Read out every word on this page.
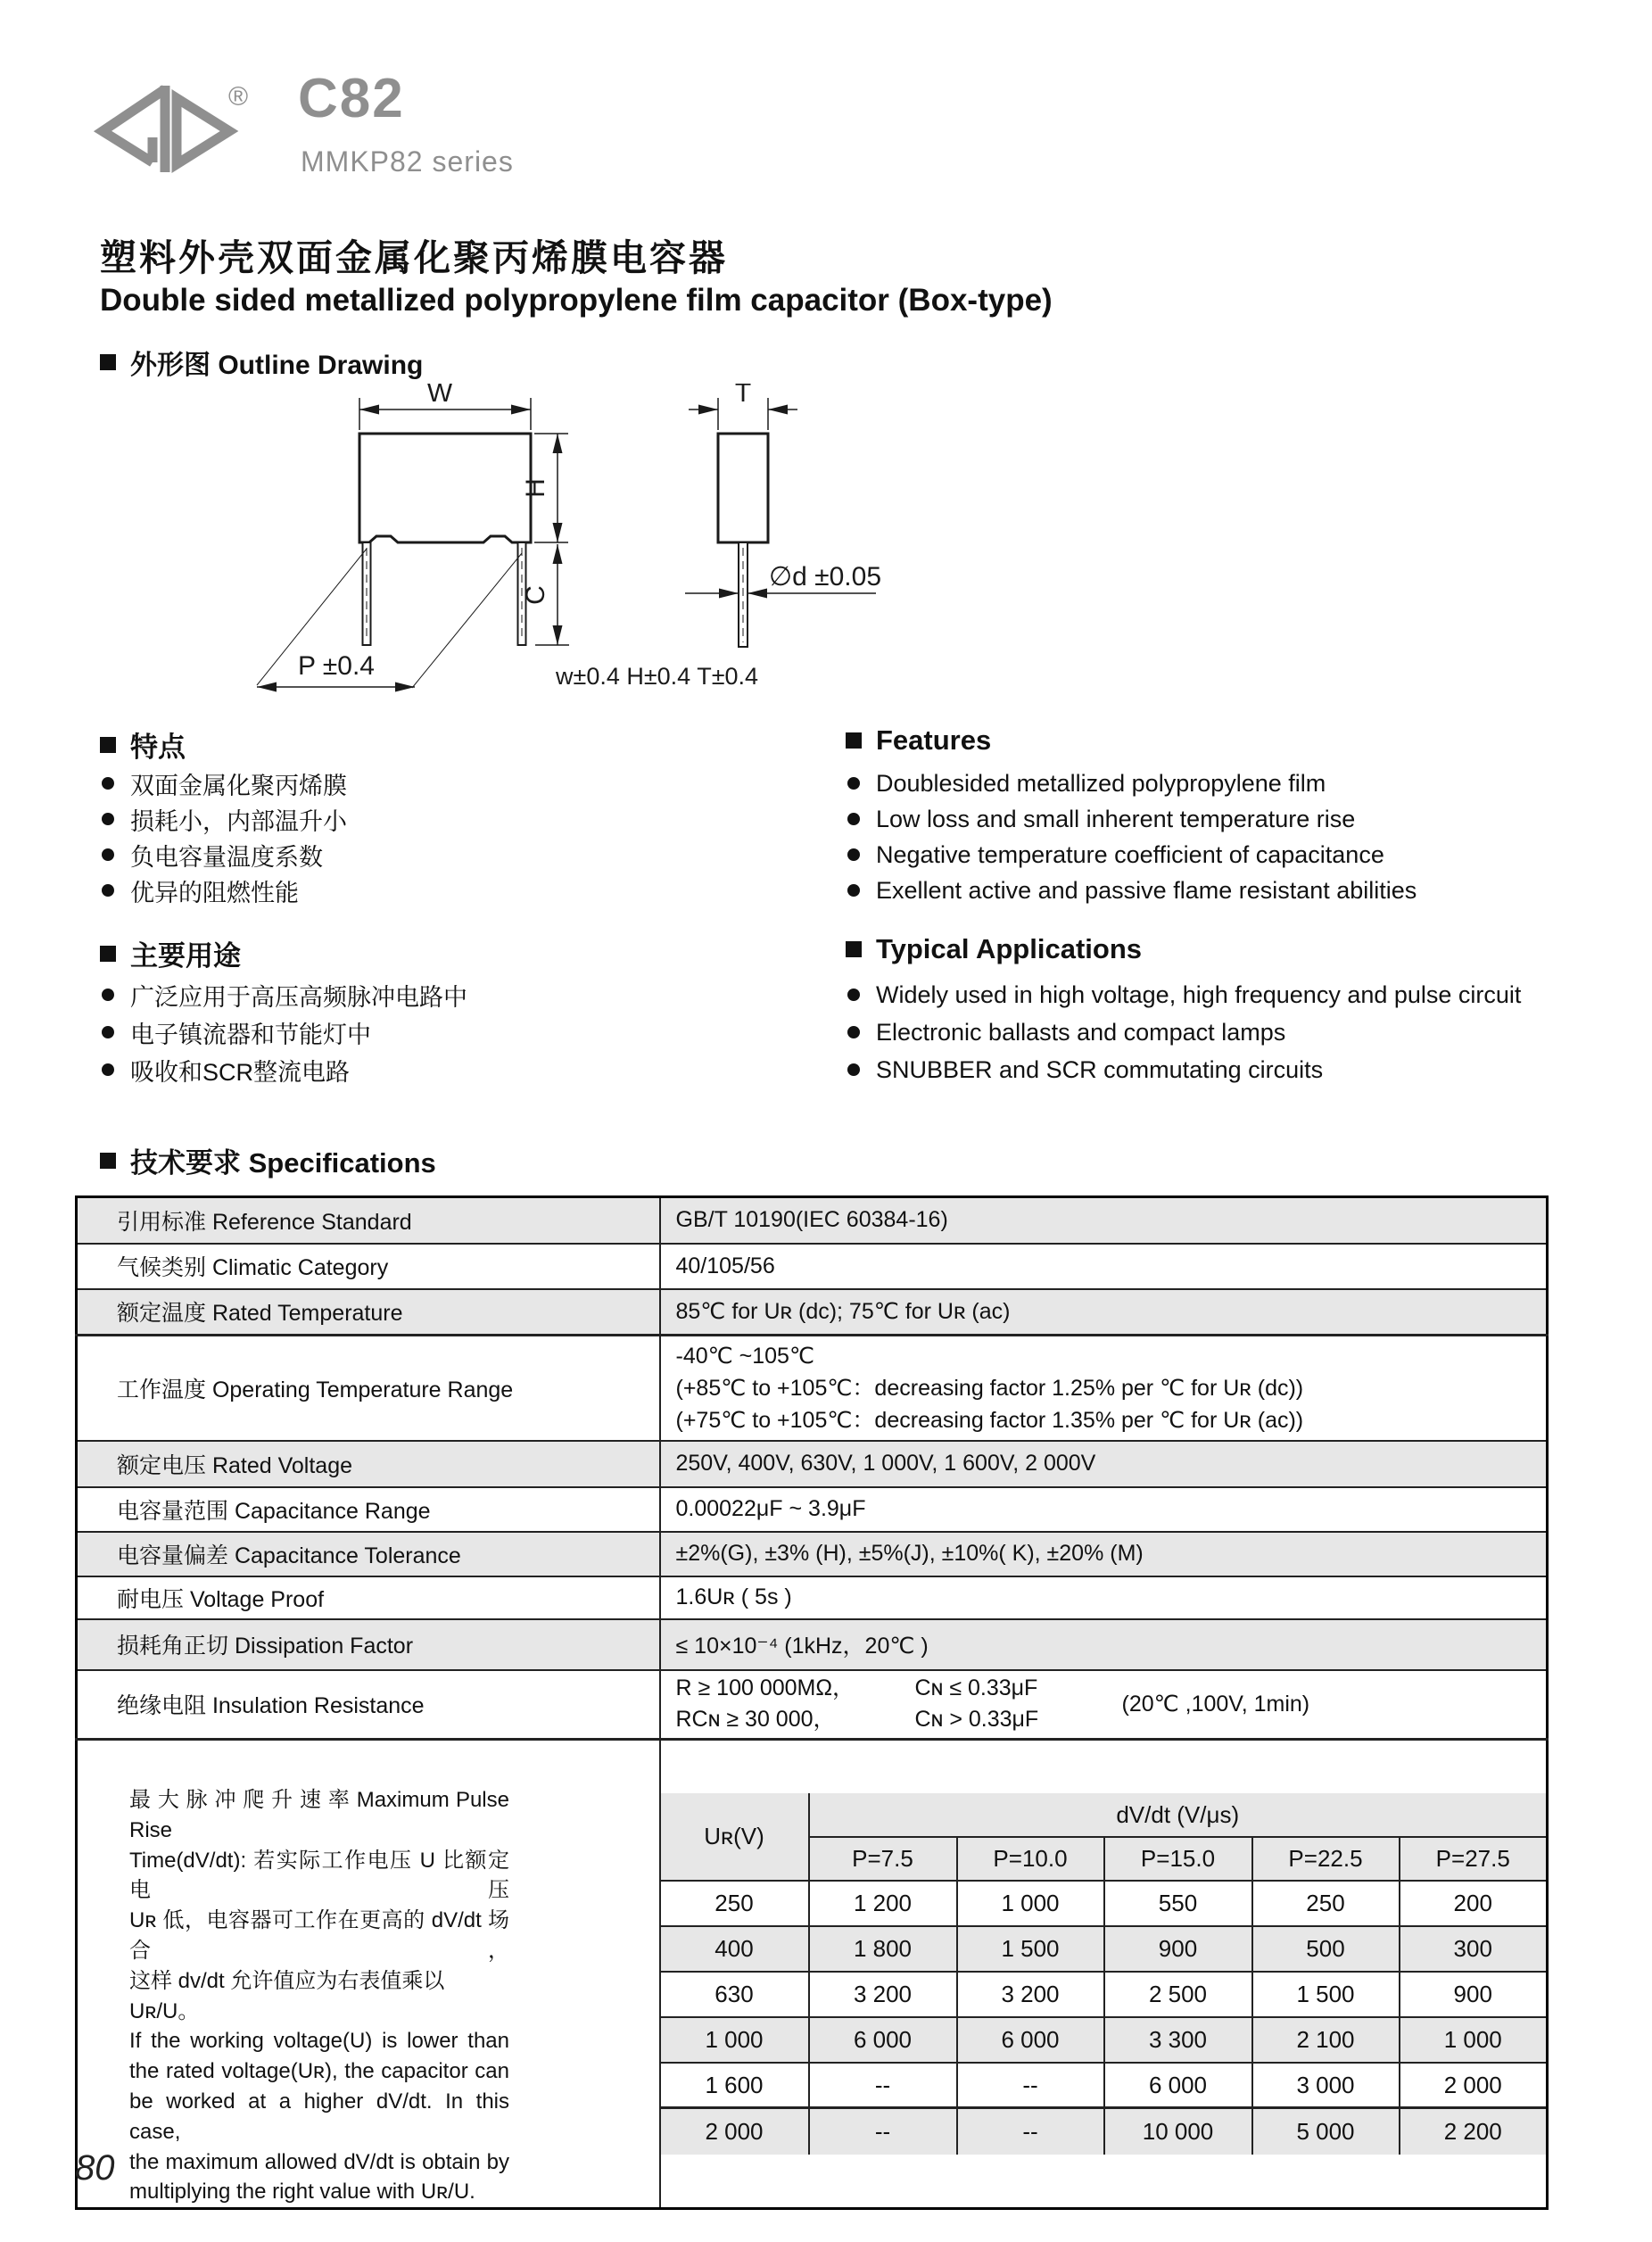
® C82
MMKP82 series
塑料外壳双面金属化聚丙烯膜电容器
Double sided metallized polypropylene film capacitor (Box-type)
外形图 Outline Drawing
W
H
C
P ±0.4
T
∅d ±0.05
w±0.4 H±0.4 T±0.4
特点
双面金属化聚丙烯膜
损耗小，内部温升小
负电容量温度系数
优异的阻燃性能
Features
Doublesided metallized polypropylene film
Low loss and small inherent temperature rise
Negative temperature coefficient of capacitance
Exellent active and passive flame resistant abilities
主要用途
广泛应用于高压高频脉冲电路中
电子镇流器和节能灯中
吸收和SCR整流电路
Typical Applications
Widely used in high voltage, high frequency and pulse circuit
Electronic ballasts and compact lamps
SNUBBER and SCR commutating circuits
技术要求 Specifications
引用标准 Reference Standard	GB/T 10190(IEC 60384-16)
气候类别 Climatic Category	40/105/56
额定温度 Rated Temperature	85℃ for Uʀ (dc); 75℃ for Uʀ (ac)
工作温度 Operating Temperature Range	-40℃ ~105℃
(+85℃ to +105℃：decreasing factor 1.25% per ℃ for Uʀ (dc))
(+75℃ to +105℃：decreasing factor 1.35% per ℃ for Uʀ (ac))

额定电压 Rated Voltage	250V, 400V, 630V, 1 000V, 1 600V, 2 000V
电容量范围 Capacitance Range	0.00022μF ~ 3.9μF
电容量偏差 Capacitance Tolerance	±2%(G), ±3% (H), ±5%(J), ±10%( K), ±20% (M)
耐电压 Voltage Proof	1.6Uʀ ( 5s )
损耗角正切 Dissipation Factor	≤ 10×10⁻⁴ (1kHz，20℃ )
绝缘电阻 Insulation Resistance	R ≥ 100 000MΩ， Cɴ ≤ 0.33μF
RCɴ ≥ 30 000， Cɴ > 0.33μF
(20℃ ,100V, 1min)

最 大 脉 冲 爬 升 速 率 Maximum Pulse Rise
Time(dV/dt): 若实际工作电压 U 比额定电压
Uʀ 低，电容器可工作在更高的 dV/dt 场合，
这样 dv/dt 允许值应为右表值乘以 Uʀ/U。
If the working voltage(U) is lower than
the rated voltage(Uʀ), the capacitor can
be worked at a higher dV/dt. In this case,
the maximum allowed dV/dt is obtain by
multiplying the right value with Uʀ/U.

Uʀ(V)
dV/dt (V/μs)
P=7.5	P=10.0	P=15.0	P=22.5	P=27.5
250	1 200	1 000	550	250	200
400	1 800	1 500	900	500	300
630	3 200	3 200	2 500	1 500	900
1 000	6 000	6 000	3 300	2 100	1 000
1 600	--	--	6 000	3 000	2 000
2 000	--	--	10 000	5 000	2 200
80
